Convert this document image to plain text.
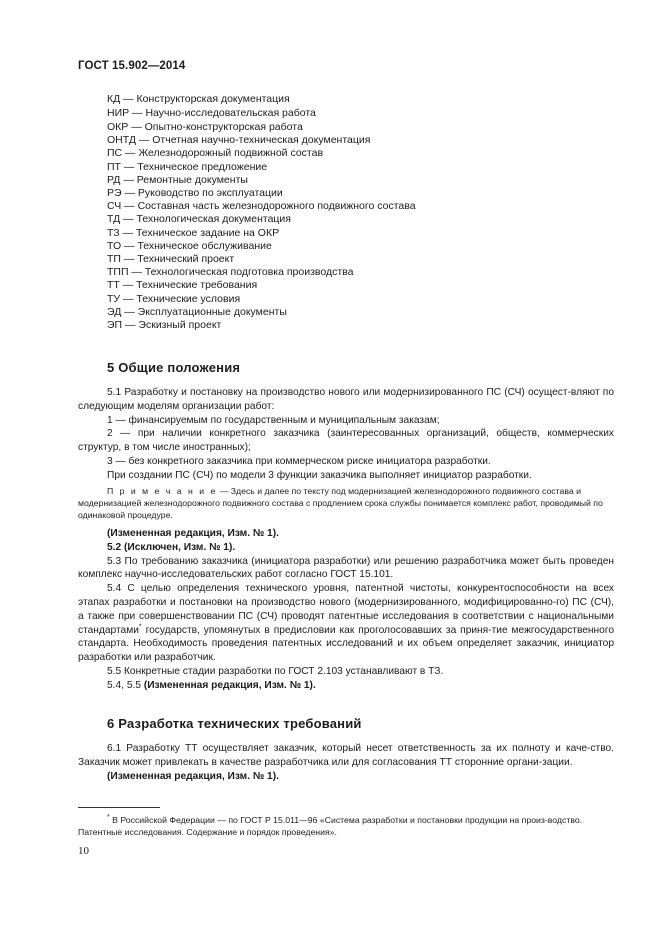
ГОСТ 15.902—2014
КД — Конструкторская документация
НИР — Научно-исследовательская работа
ОКР — Опытно-конструкторская работа
ОНТД — Отчетная научно-техническая документация
ПС — Железнодорожный подвижной состав
ПТ — Техническое предложение
РД — Ремонтные документы
РЭ — Руководство по эксплуатации
СЧ — Составная часть железнодорожного подвижного состава
ТД — Технологическая документация
ТЗ — Техническое задание на ОКР
ТО — Техническое обслуживание
ТП — Технический проект
ТПП — Технологическая подготовка производства
ТТ — Технические требования
ТУ — Технические условия
ЭД — Эксплуатационные документы
ЭП — Эскизный проект
5 Общие положения

5.1 Разработку и постановку на производство нового или модернизированного ПС (СЧ) осущест-вляют по следующим моделям организации работ:

1 — финансируемым по государственным и муниципальным заказам;

2 — при наличии конкретного заказчика (заинтересованных организаций, обществ, коммерческих структур, в том числе иностранных);

3 — без конкретного заказчика при коммерческом риске инициатора разработки.

При создании ПС (СЧ) по модели 3 функции заказчика выполняет инициатор разработки.

П р и м е ч а н и е — Здесь и далее по тексту под модернизацией железнодорожного подвижного состава и модернизацией железнодорожного подвижного состава с продлением срока службы понимается комплекс работ, проводимый по одинаковой процедуре.

(Измененная редакция, Изм. № 1).

5.2 (Исключен, Изм. № 1).

5.3 По требованию заказчика (инициатора разработки) или решению разработчика может быть проведен комплекс научно-исследовательских работ согласно ГОСТ 15.101.

5.4 С целью определения технического уровня, патентной чистоты, конкурентоспособности на всех этапах разработки и постановки на производство нового (модернизированного, модифицированно-го) ПС (СЧ), а также при совершенствовании ПС (СЧ) проводят патентные исследования в соответствии с национальными стандартами* государств, упомянутых в предисловии как проголосовавших за приня-тие межгосударственного стандарта. Необходимость проведения патентных исследований и их объем определяет заказчик, инициатор разработки или разработчик.

5.5 Конкретные стадии разработки по ГОСТ 2.103 устанавливают в ТЗ.

5.4, 5.5 (Измененная редакция, Изм. № 1).

6 Разработка технических требований

6.1 Разработку ТТ осуществляет заказчик, который несет ответственность за их полноту и каче-ство. Заказчик может привлекать в качестве разработчика или для согласования ТТ сторонние органи-зации.

(Измененная редакция, Изм. № 1).

* В Российской Федерации — по ГОСТ Р 15.011—96 «Система разработки и постановки продукции на произ-водство. Патентные исследования. Содержание и порядок проведения».

10
